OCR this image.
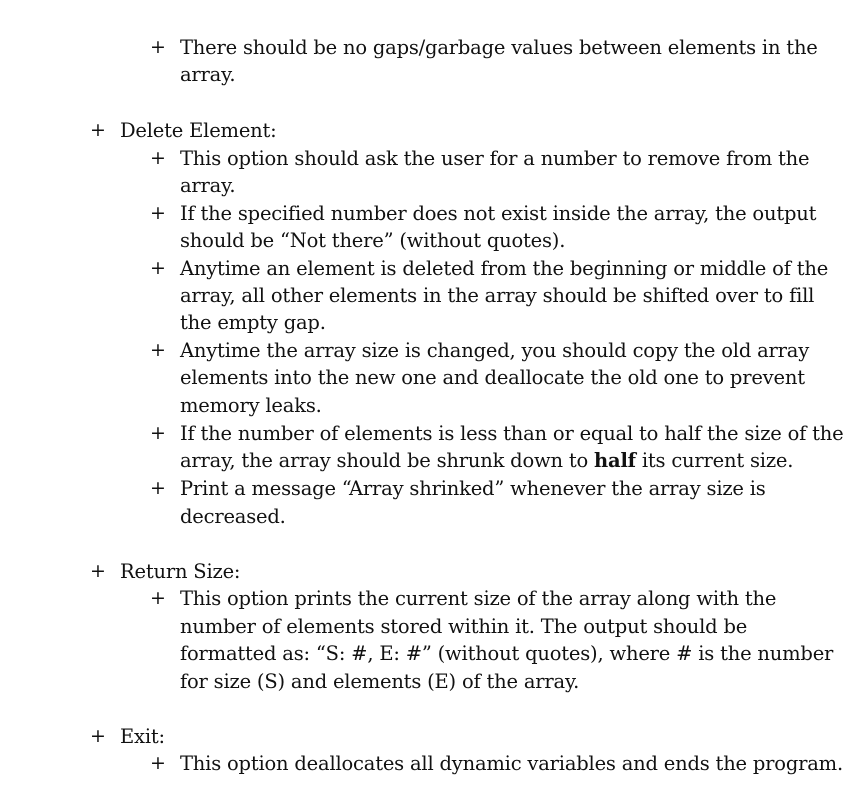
+ There should be no gaps/garbage values between elements in the
array.
+ Delete Element:
+ This option should ask the user for a number to remove from the
array.
+ If the specified number does not exist inside the array, the output
should be “Not there” (without quotes).
+ Anytime an element is deleted from the beginning or middle of the
array, all other elements in the array should be shifted over to fill
the empty gap.
+ Anytime the array size is changed, you should copy the old array
elements into the new one and deallocate the old one to prevent
memory leaks.
+ If the number of elements is less than or equal to half the size of the
array, the array should be shrunk down to half its current size.
+ Print a message “Array shrinked” whenever the array size is
decreased.
+ Return Size:
+ This option prints the current size of the array along with the
number of elements stored within it. The output should be
formatted as: “S: #, E: #” (without quotes), where # is the number
for size (S) and elements (E) of the array.
+ Exit:
+ This option deallocates all dynamic variables and ends the program.
